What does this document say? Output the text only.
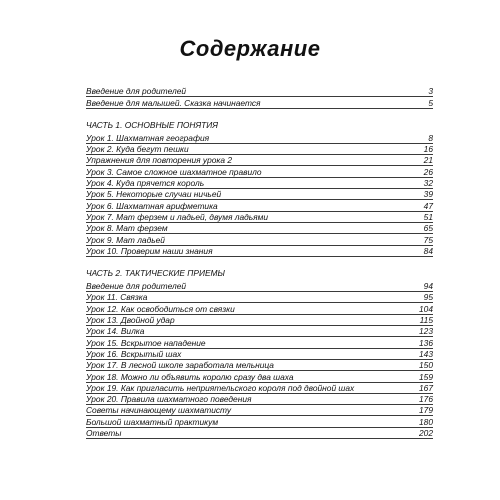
Содержание
Введение для родителей	3
Введение для малышей. Сказка начинается	5
ЧАСТЬ 1. ОСНОВНЫЕ ПОНЯТИЯ
Урок 1. Шахматная география	8
Урок 2. Куда бегут пешки	16
Упражнения для повторения урока 2	21
Урок 3. Самое сложное шахматное правило	26
Урок 4. Куда прячется король	32
Урок 5. Некоторые случаи ничьей	39
Урок 6. Шахматная арифметика	47
Урок 7. Мат ферзем и ладьей, двумя ладьями	51
Урок 8. Мат ферзем	65
Урок 9. Мат ладьей	75
Урок 10. Проверим наши знания	84
ЧАСТЬ 2. ТАКТИЧЕСКИЕ ПРИЕМЫ
Введение для родителей	94
Урок 11. Связка	95
Урок 12. Как освободиться от связки	104
Урок 13. Двойной удар	115
Урок 14. Вилка	123
Урок 15. Вскрытое нападение	136
Урок 16. Вскрытый шах	143
Урок 17. В лесной школе заработала мельница	150
Урок 18. Можно ли объявить королю сразу два шаха	159
Урок 19. Как пригласить неприятельского короля под двойной шах	167
Урок 20. Правила шахматного поведения	176
Советы начинающему шахматисту	179
Большой шахматный практикум	180
Ответы	202
